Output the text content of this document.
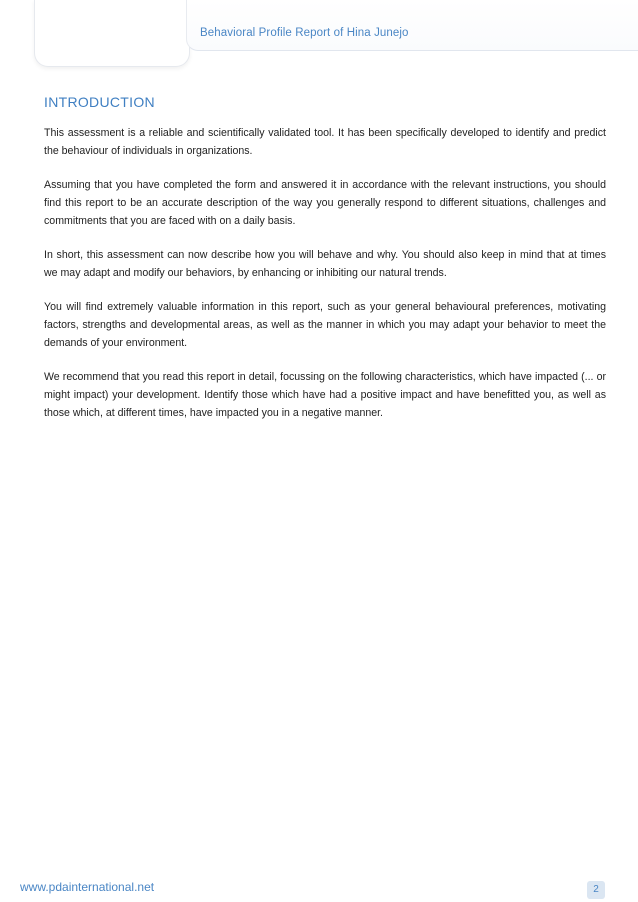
Behavioral Profile Report of Hina Junejo
INTRODUCTION

This assessment is a reliable and scientifically validated tool. It has been specifically developed to identify and predict the behaviour of individuals in organizations.

Assuming that you have completed the form and answered it in accordance with the relevant instructions, you should find this report to be an accurate description of the way you generally respond to different situations, challenges and commitments that you are faced with on a daily basis.

In short, this assessment can now describe how you will behave and why. You should also keep in mind that at times we may adapt and modify our behaviors, by enhancing or inhibiting our natural trends.

You will find extremely valuable information in this report, such as your general behavioural preferences, motivating factors, strengths and developmental areas, as well as the manner in which you may adapt your behavior to meet the demands of your environment.

We recommend that you read this report in detail, focussing on the following characteristics, which have impacted (... or might impact) your development. Identify those which have had a positive impact and have benefitted you, as well as those which, at different times, have impacted you in a negative manner.

www.pdainternational.net	2
